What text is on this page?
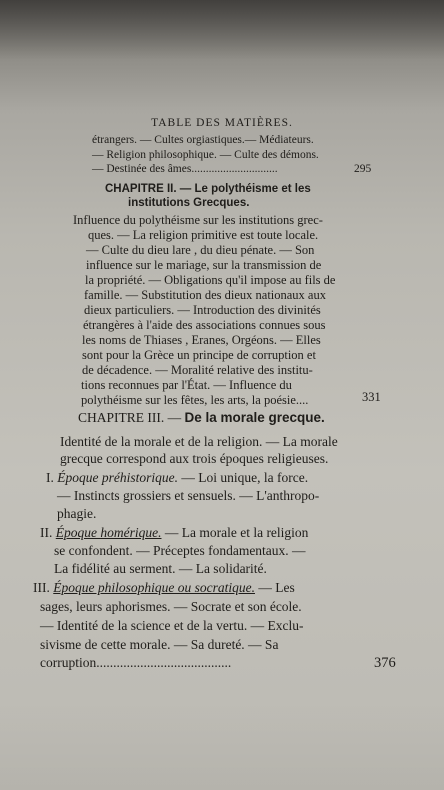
TABLE DES MATIÈRES.
étrangers. — Cultes orgiastiques.— Médiateurs.
— Religion philosophique. — Culte des démons.
— Destinée des âmes..............................	295
CHAPITRE II. — Le polythéisme et les
institutions Grecques.
Influence du polythéisme sur les institutions grec-
ques. — La religion primitive est toute locale.
— Culte du dieu lare , du dieu pénate. — Son
influence sur le mariage, sur la transmission de
la propriété. — Obligations qu'il impose au fils de
famille. — Substitution des dieux nationaux aux
dieux particuliers. — Introduction des divinités
étrangères à l'aide des associations connues sous
les noms de Thiases , Eranes, Orgéons. — Elles
sont pour la Grèce un principe de corruption et
de décadence. — Moralité relative des institu-
tions reconnues par l'État. — Influence du
polythéisme sur les fêtes, les arts, la poésie....	331
CHAPITRE III. — De la morale grecque.
Identité de la morale et de la religion. — La morale
grecque correspond aux trois époques religieuses.
I. Époque préhistorique. — Loi unique, la force.
— Instincts grossiers et sensuels. — L'anthropo-
phagie.
II. Époque homérique. — La morale et la religion
se confondent. — Préceptes fondamentaux. —
La fidélité au serment. — La solidarité.
III. Époque philosophique ou socratique. — Les
sages, leurs aphorismes. — Socrate et son école.
— Identité de la science et de la vertu. — Exclu-
sivisme de cette morale. — Sa dureté. — Sa
corruption........................................	376
